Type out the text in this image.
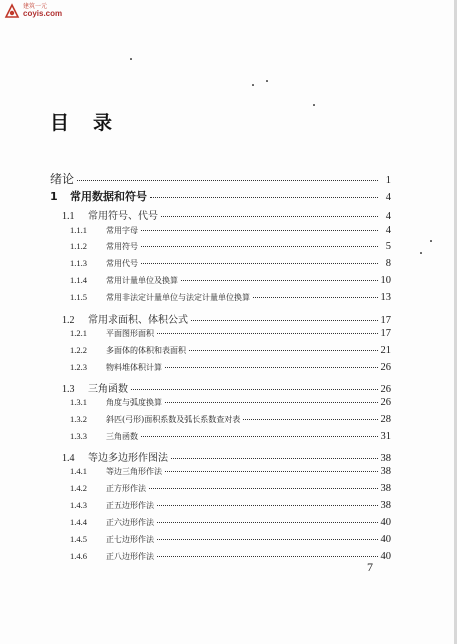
建筑一元
coyis.com
目录
绪论	1
1	常用数据和符号	4
1.1	常用符号、代号	4
1.1.1	常用字母	4
1.1.2	常用符号	5
1.1.3	常用代号	8
1.1.4	常用计量单位及换算	10
1.1.5	常用非法定计量单位与法定计量单位换算	13
1.2	常用求面积、体积公式	17
1.2.1	平面图形面积	17
1.2.2	多面体的体积和表面积	21
1.2.3	物料堆体积计算	26
1.3	三角函数	26
1.3.1	角度与弧度换算	26
1.3.2	斜匹(弓形)面积系数及弧长系数查对表	28
1.3.3	三角函数	31
1.4	等边多边形作图法	38
1.4.1	等边三角形作法	38
1.4.2	正方形作法	38
1.4.3	正五边形作法	38
1.4.4	正六边形作法	40
1.4.5	正七边形作法	40
1.4.6	正八边形作法	40
7
